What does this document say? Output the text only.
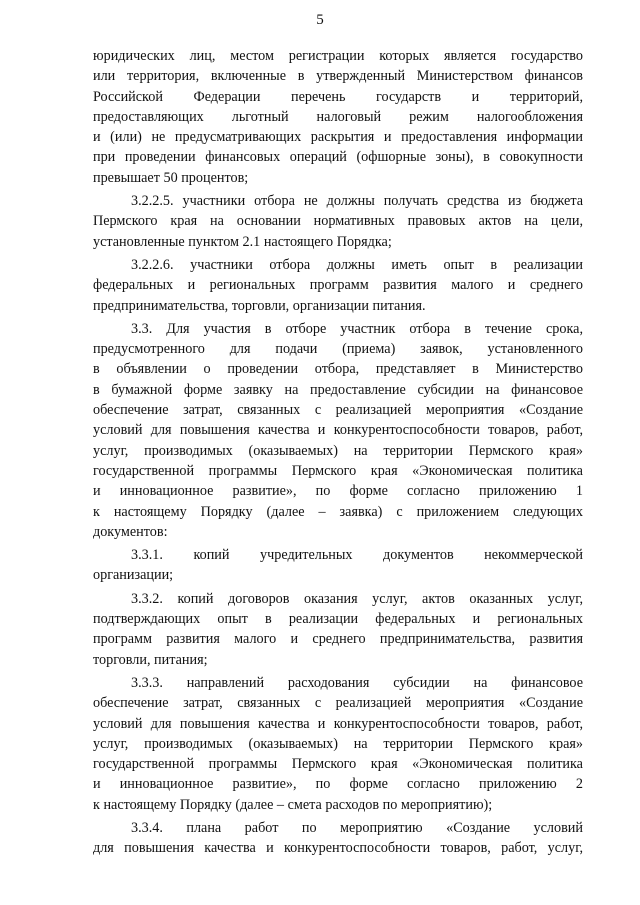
5
юридических лиц, местом регистрации которых является государство
или территория, включенные в утвержденный Министерством финансов
Российской Федерации перечень государств и территорий,
предоставляющих льготный налоговый режим налогообложения
и (или) не предусматривающих раскрытия и предоставления информации
при проведении финансовых операций (офшорные зоны), в совокупности
превышает 50 процентов;
3.2.2.5. участники отбора не должны получать средства из бюджета
Пермского края на основании нормативных правовых актов на цели,
установленные пунктом 2.1 настоящего Порядка;
3.2.2.6. участники отбора должны иметь опыт в реализации
федеральных и региональных программ развития малого и среднего
предпринимательства, торговли, организации питания.
3.3. Для участия в отборе участник отбора в течение срока,
предусмотренного для подачи (приема) заявок, установленного
в объявлении о проведении отбора, представляет в Министерство
в бумажной форме заявку на предоставление субсидии на финансовое
обеспечение затрат, связанных с реализацией мероприятия «Создание
условий для повышения качества и конкурентоспособности товаров, работ,
услуг, производимых (оказываемых) на территории Пермского края»
государственной программы Пермского края «Экономическая политика
и инновационное развитие», по форме согласно приложению 1
к настоящему Порядку (далее – заявка) с приложением следующих
документов:
3.3.1. копий учредительных документов некоммерческой
организации;
3.3.2. копий договоров оказания услуг, актов оказанных услуг,
подтверждающих опыт в реализации федеральных и региональных
программ развития малого и среднего предпринимательства, развития
торговли, питания;
3.3.3. направлений расходования субсидии на финансовое
обеспечение затрат, связанных с реализацией мероприятия «Создание
условий для повышения качества и конкурентоспособности товаров, работ,
услуг, производимых (оказываемых) на территории Пермского края»
государственной программы Пермского края «Экономическая политика
и инновационное развитие», по форме согласно приложению 2
к настоящему Порядку (далее – смета расходов по мероприятию);
3.3.4. плана работ по мероприятию «Создание условий
для повышения качества и конкурентоспособности товаров, работ, услуг,
